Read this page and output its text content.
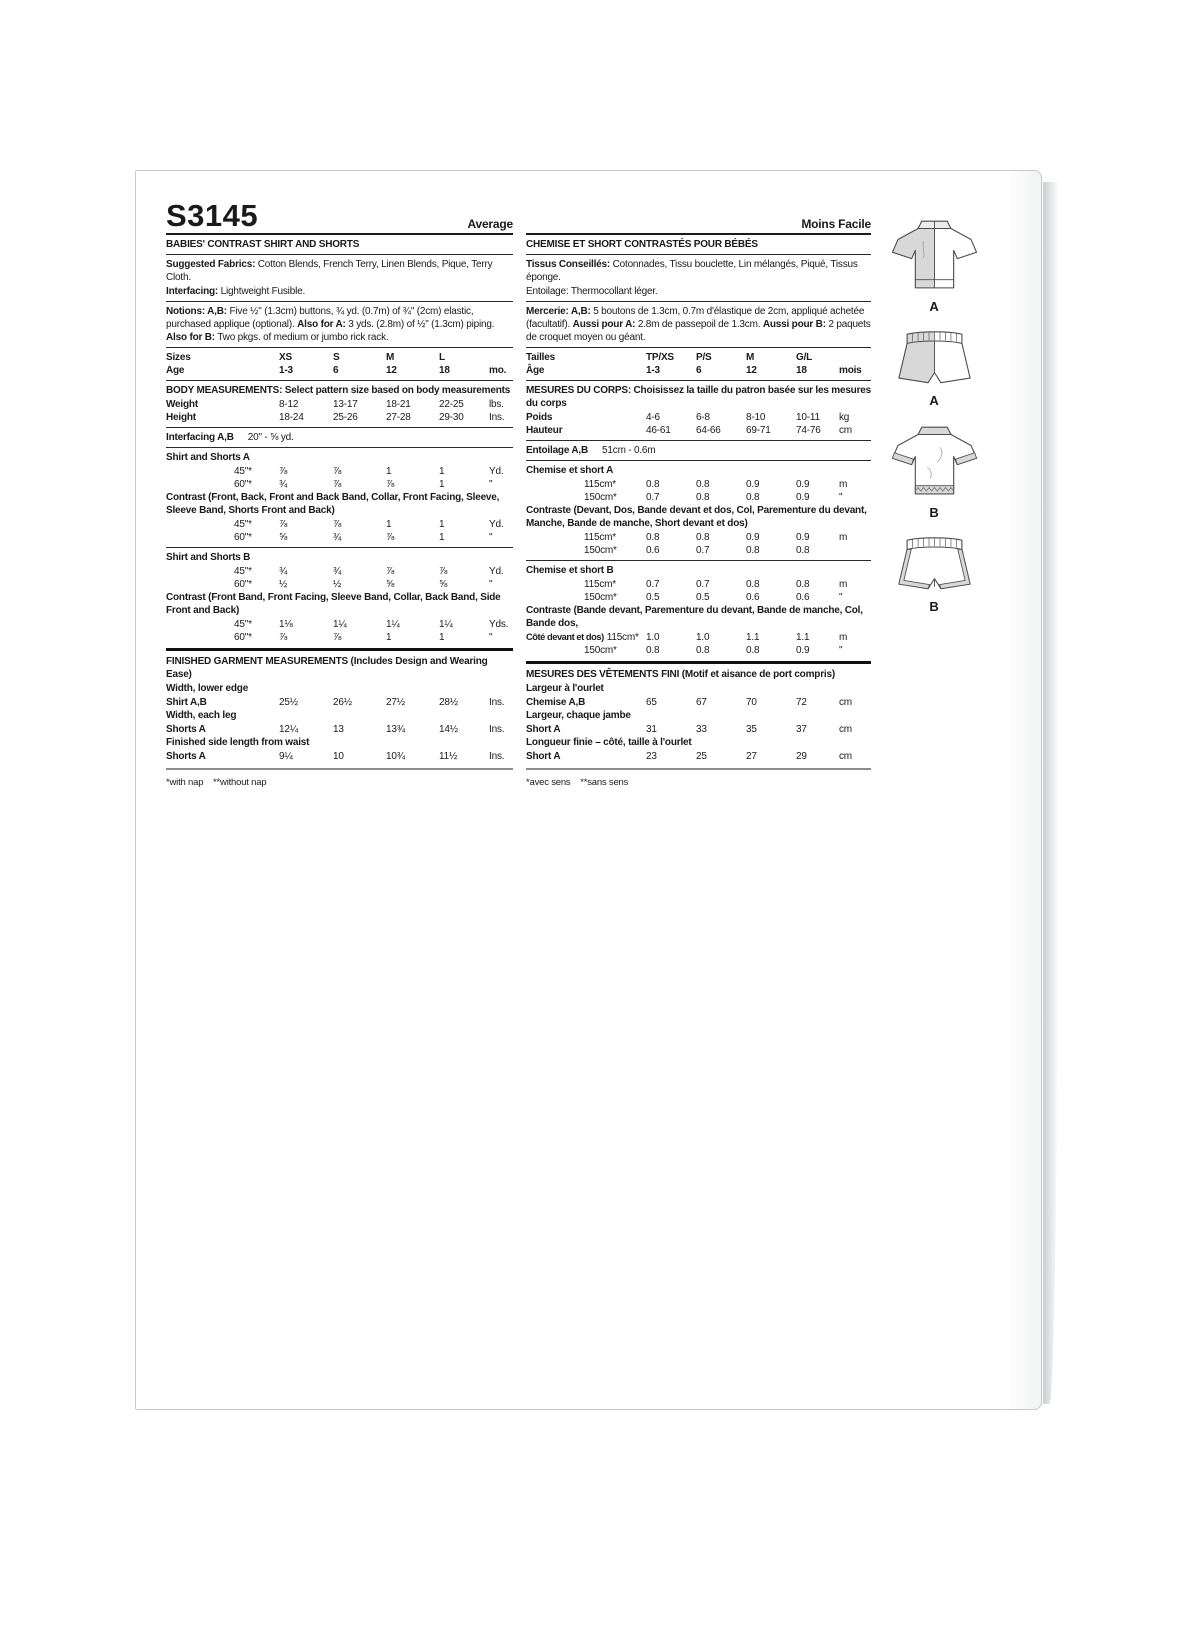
S3145	Average
BABIES' CONTRAST SHIRT AND SHORTS
Suggested Fabrics: Cotton Blends, French Terry, Linen Blends, Pique, Terry Cloth.
Interfacing: Lightweight Fusible.
Notions: A,B: Five ½" (1.3cm) buttons, ¾ yd. (0.7m) of ¾" (2cm) elastic, purchased applique (optional). Also for A: 3 yds. (2.8m) of ½" (1.3cm) piping. Also for B: Two pkgs. of medium or jumbo rick rack.
Sizes	XS	S	M	L
Age	1-3	6	12	18	mo.
BODY MEASUREMENTS: Select pattern size based on body measurements
Weight	8-12	13-17	18-21	22-25	lbs.
Height	18-24	25-26	27-28	29-30	Ins.
Interfacing A,B 20" - ⅝ yd.
Shirt and Shorts A
45"*	⅞	⅞	1	1	Yd.
60"*	¾	⅞	⅞	1	"
Contrast (Front, Back, Front and Back Band, Collar, Front Facing, Sleeve, Sleeve Band, Shorts Front and Back)
45"*	⅞	⅞	1	1	Yd.
60"*	⅝	¾	⅞	1	"
Shirt and Shorts B
45"*	¾	¾	⅞	⅞	Yd.
60"*	½	½	⅝	⅝	"
Contrast (Front Band, Front Facing, Sleeve Band, Collar, Back Band, Side Front and Back)
45"*	1⅛	1¼	1¼	1¼	Yds.
60"*	⅞	⅞	1	1	"
FINISHED GARMENT MEASUREMENTS (Includes Design and Wearing Ease)
Width, lower edge
Shirt A,B	25½	26½	27½	28½	Ins.
Width, each leg
Shorts A	12¼	13	13¾	14½	Ins.
Finished side length from waist
Shorts A	9¼	10	10¾	11½	Ins.
*with nap    **without nap
Moins Facile
CHEMISE ET SHORT CONTRASTÉS POUR BÉBÉS
Tissus Conseillés: Cotonnades, Tissu bouclette, Lin mélangés, Piqué, Tissus éponge.
Entoilage: Thermocollant léger.
Mercerie: A,B: 5 boutons de 1.3cm, 0.7m d'élastique de 2cm, appliqué achetée (facultatif). Aussi pour A: 2.8m de passepoil de 1.3cm. Aussi pour B: 2 paquets de croquet moyen ou géant.
Tailles	TP/XS	P/S	M	G/L
Âge	1-3	6	12	18	mois
MESURES DU CORPS: Choisissez la taille du patron basée sur les mesures du corps
Poids	4-6	6-8	8-10	10-11	kg
Hauteur	46-61	64-66	69-71	74-76	cm
Entoilage A,B 51cm - 0.6m
Chemise et short A
115cm*	0.8	0.8	0.9	0.9	m
150cm*	0.7	0.8	0.8	0.9	"
Contraste (Devant, Dos, Bande devant et dos, Col, Parementure du devant, Manche, Bande de manche, Short devant et dos)
115cm*	0.8	0.8	0.9	0.9	m
150cm*	0.6	0.7	0.8	0.8
Chemise et short B
115cm*	0.7	0.7	0.8	0.8	m
150cm*	0.5	0.5	0.6	0.6	"
Contraste (Bande devant, Parementure du devant, Bande de manche, Col, Bande dos,
Côté devant et dos) 115cm* 1.0	1.0	1.1	1.1	m
150cm*	0.8	0.8	0.8	0.9	"
MESURES DES VÊTEMENTS FINI (Motif et aisance de port compris)
Largeur à l'ourlet
Chemise A,B	65	67	70	72	cm
Largeur, chaque jambe
Short A	31	33	35	37	cm
Longueur finie – côté, taille à l'ourlet
Short A	23	25	27	29	cm
*avec sens    **sans sens
A
A
B
B
